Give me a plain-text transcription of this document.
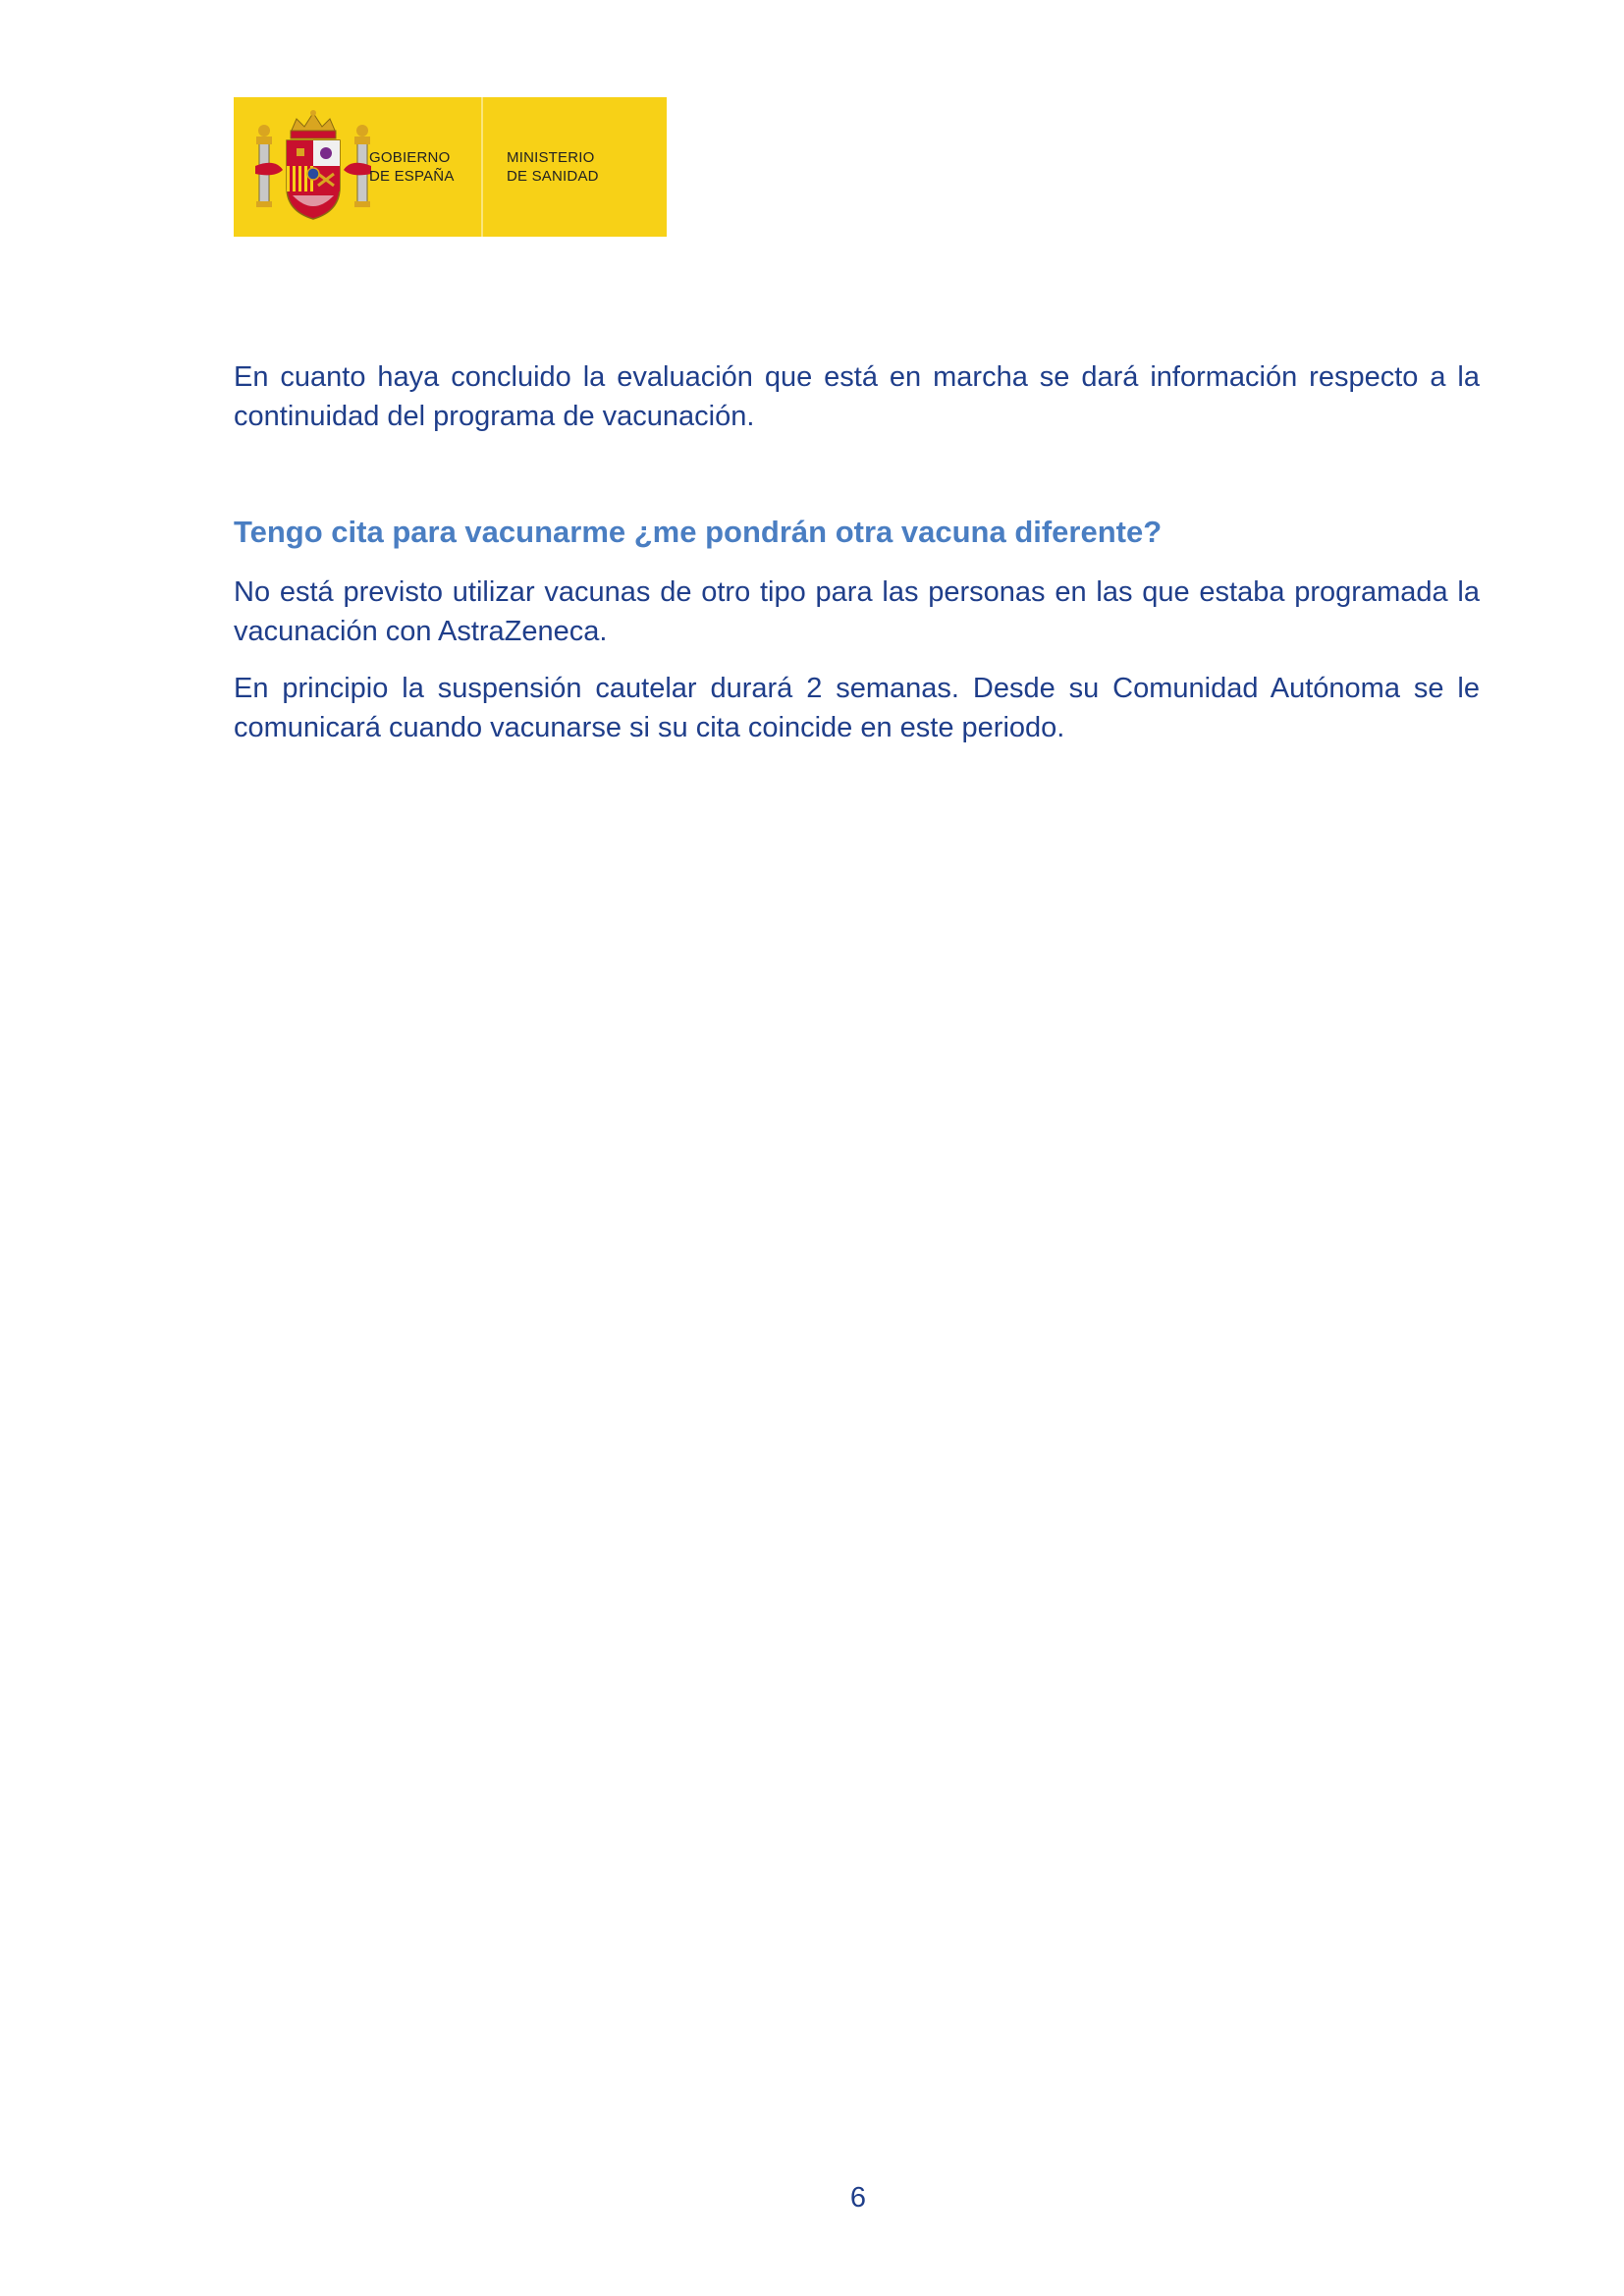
GOBIERNO
DE ESPAÑA
MINISTERIO
DE SANIDAD

En cuanto haya concluido la evaluación que está en marcha se dará información respecto a la continuidad del programa de vacunación.

Tengo cita para vacunarme ¿me pondrán otra vacuna diferente?

No está previsto utilizar vacunas de otro tipo para las personas en las que estaba programada la vacunación con AstraZeneca.

En principio la suspensión cautelar durará 2 semanas. Desde su Comunidad Autónoma se le comunicará cuando vacunarse si su cita coincide en este periodo.

6
